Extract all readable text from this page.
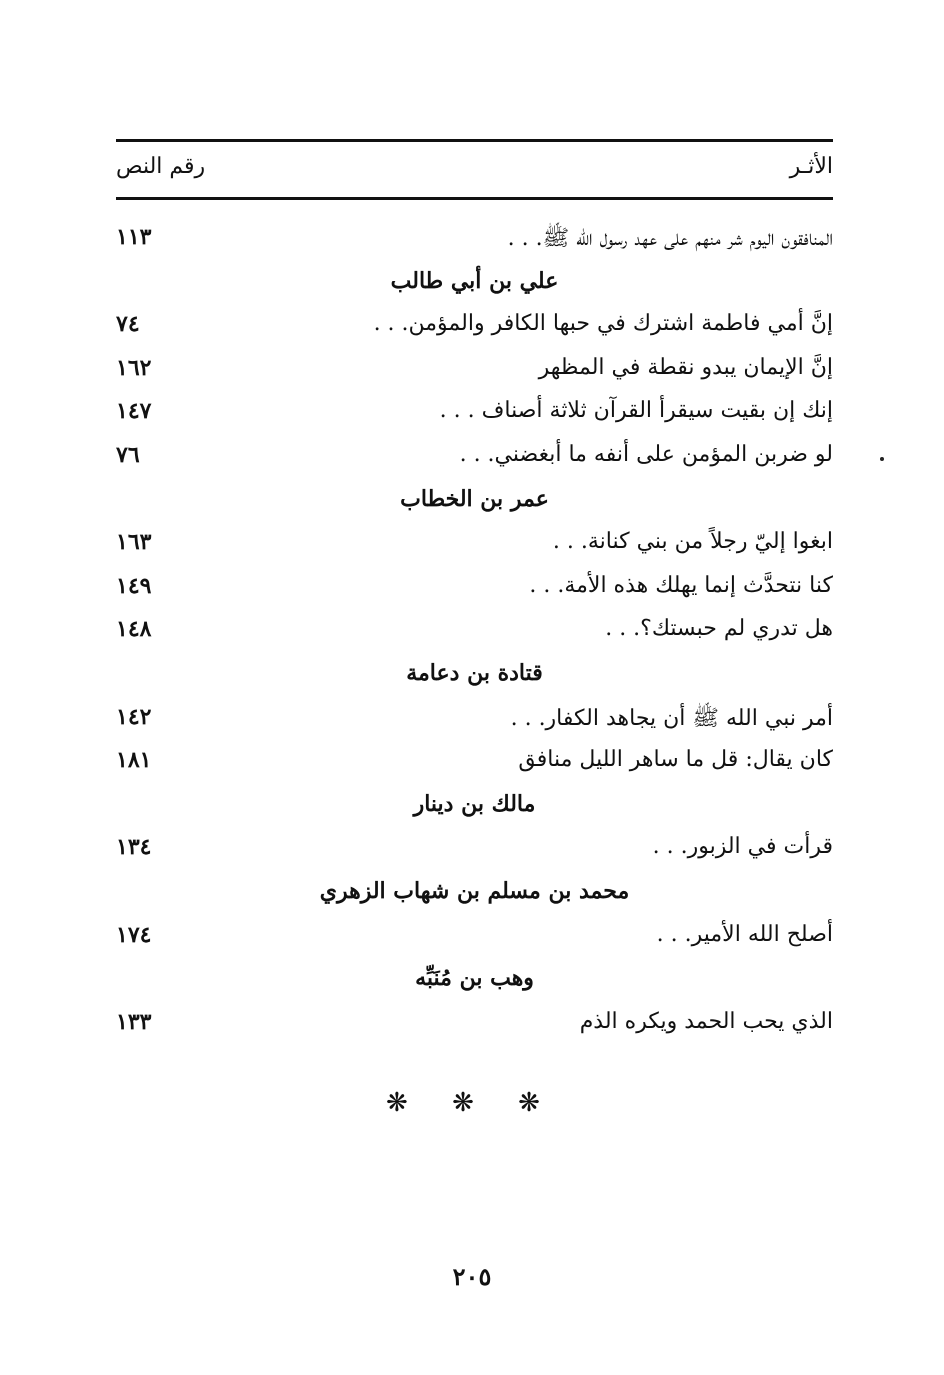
الأثـر
رقم النص
المنافقون اليوم شر منهم على عهد رسول الله ﷺ. . .
١١٣
علي بن أبي طالب
إنَّ أمي فاطمة اشترك في حبها الكافر والمؤمن. . .
٧٤
إنَّ الإيمان يبدو نقطة في المظهر
١٦٢
إنك إن بقيت سيقرأ القرآن ثلاثة أصناف . . .
١٤٧
لو ضربن المؤمن على أنفه ما أبغضني. . .
٧٦
عمر بن الخطاب
ابغوا إليّ رجلاً من بني كنانة. . .
١٦٣
كنا نتحدَّث إنما يهلك هذه الأمة. . .
١٤٩
هل تدري لم حبستك؟. . .
١٤٨
قتادة بن دعامة
أمر نبي الله ﷺ أن يجاهد الكفار. . .
١٤٢
كان يقال: قل ما ساهر الليل منافق
١٨١
مالك بن دينار
قرأت في الزبور. . .
١٣٤
محمد بن مسلم بن شهاب الزهري
أصلح الله الأمير. . .
١٧٤
وهب بن مُنَبِّه
الذي يحب الحمد ويكره الذم
١٣٣
❋ ❋ ❋
٢٠٥
